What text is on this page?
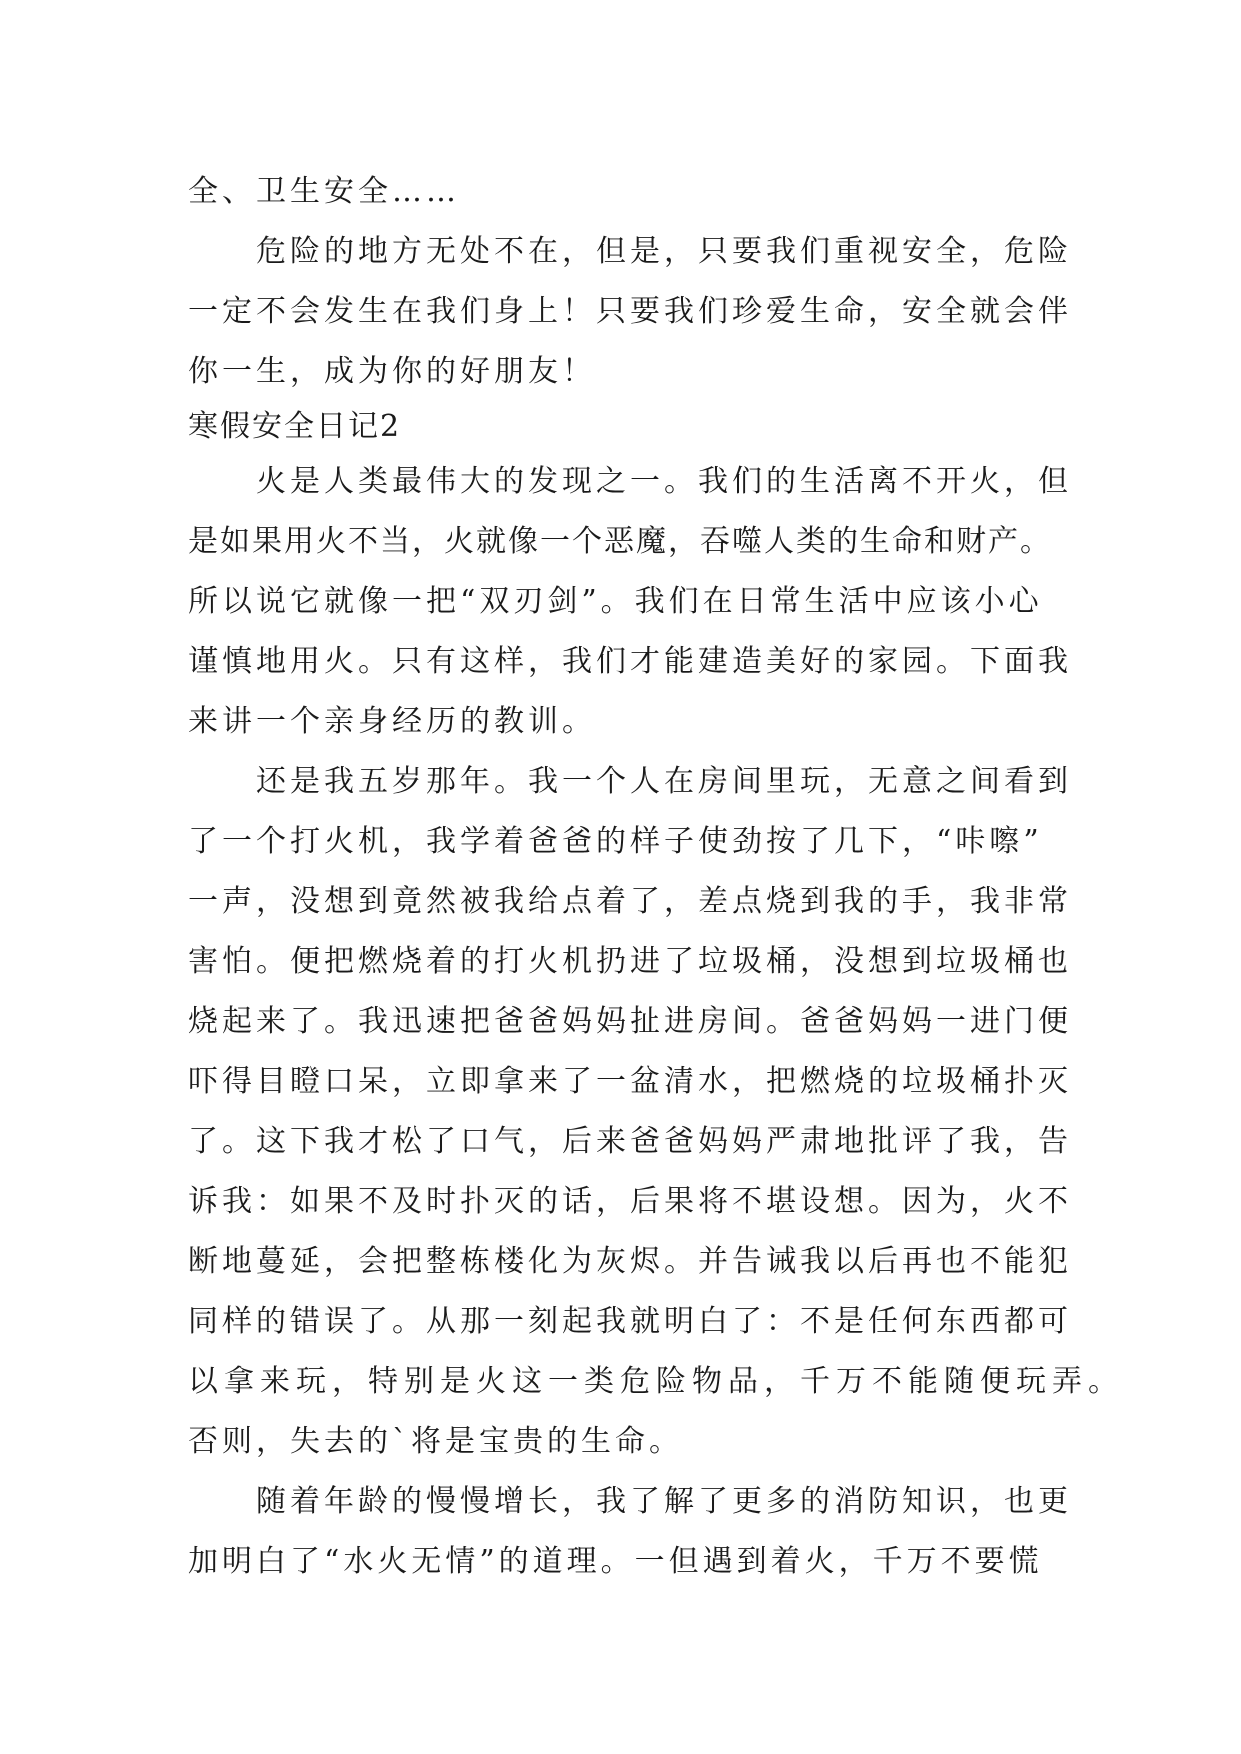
全、卫生安全……
危险的地方无处不在，但是，只要我们重视安全，危险
一定不会发生在我们身上！只要我们珍爱生命，安全就会伴
你一生，成为你的好朋友！
寒假安全日记2
火是人类最伟大的发现之一。我们的生活离不开火，但
是如果用火不当，火就像一个恶魔，吞噬人类的生命和财产。
所以说它就像一把“双刃剑”。我们在日常生活中应该小心
谨慎地用火。只有这样，我们才能建造美好的家园。下面我
来讲一个亲身经历的教训。
还是我五岁那年。我一个人在房间里玩，无意之间看到
了一个打火机，我学着爸爸的样子使劲按了几下，“咔嚓”
一声，没想到竟然被我给点着了，差点烧到我的手，我非常
害怕。便把燃烧着的打火机扔进了垃圾桶，没想到垃圾桶也
烧起来了。我迅速把爸爸妈妈扯进房间。爸爸妈妈一进门便
吓得目瞪口呆，立即拿来了一盆清水，把燃烧的垃圾桶扑灭
了。这下我才松了口气，后来爸爸妈妈严肃地批评了我，告
诉我：如果不及时扑灭的话，后果将不堪设想。因为，火不
断地蔓延，会把整栋楼化为灰烬。并告诫我以后再也不能犯
同样的错误了。从那一刻起我就明白了：不是任何东西都可
以拿来玩，特别是火这一类危险物品，千万不能随便玩弄。
否则，失去的`将是宝贵的生命。
随着年龄的慢慢增长，我了解了更多的消防知识，也更
加明白了“水火无情”的道理。一但遇到着火，千万不要慌
